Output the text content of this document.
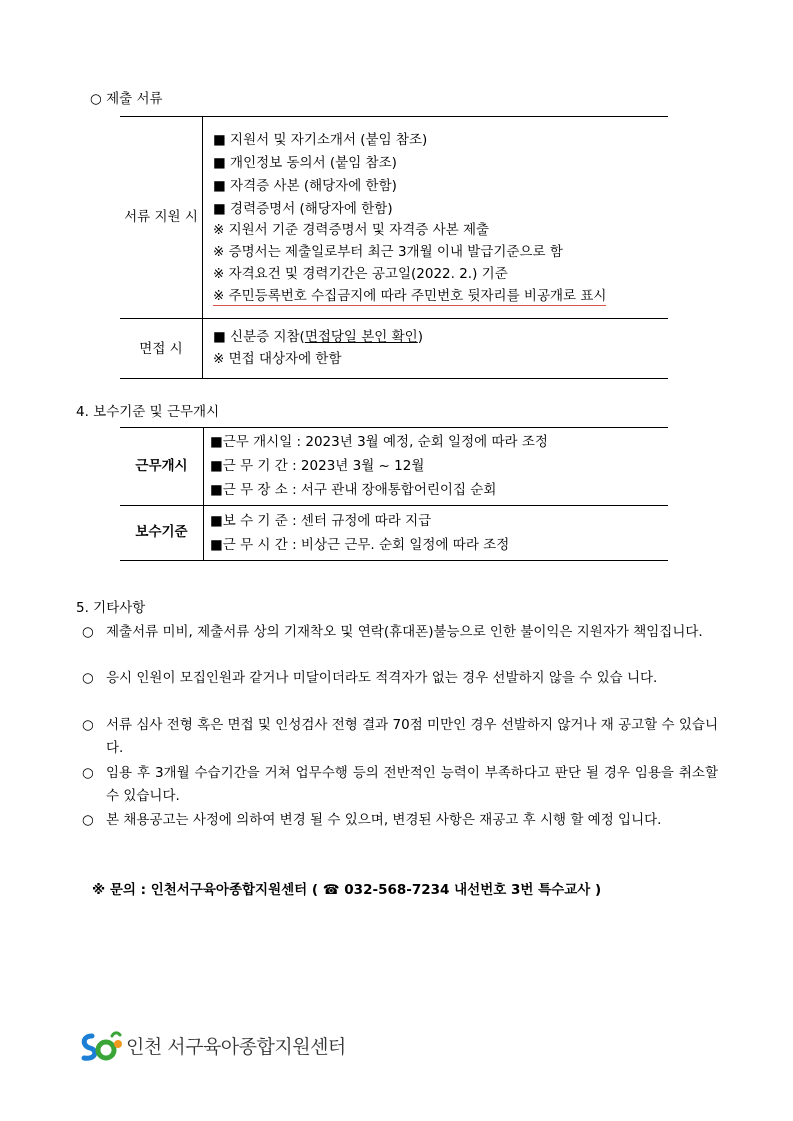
○ 제출 서류
서류 지원 시
■ 지원서 및 자기소개서 (붙임 참조)
■ 개인정보 동의서 (붙임 참조)
■ 자격증 사본 (해당자에 한함)
■ 경력증명서 (해당자에 한함)
※ 지원서 기준 경력증명서 및 자격증 사본 제출
※ 증명서는 제출일로부터 최근 3개월 이내 발급기준으로 함
※ 자격요건 및 경력기간은 공고일(2022. 2.) 기준
※ 주민등록번호 수집금지에 따라 주민번호 뒷자리를 비공개로 표시
면접 시
■ 신분증 지참(면접당일 본인 확인)
※ 면접 대상자에 한함
4. 보수기준 및 근무개시
근무개시
■근무 개시일 : 2023년 3월 예정, 순회 일정에 따라 조정
■근 무 기 간 : 2023년 3월 ~ 12월
■근 무 장 소 : 서구 관내 장애통합어린이집 순회
보수기준
■보 수 기 준 : 센터 규정에 따라 지급
■근 무 시 간 : 비상근 근무. 순회 일정에 따라 조정
5. 기타사항
○ 제출서류 미비, 제출서류 상의 기재착오 및 연락(휴대폰)불능으로 인한 불이익은 지원자가 책임집니다.
○ 응시 인원이 모집인원과 같거나 미달이더라도 적격자가 없는 경우 선발하지 않을 수 있습 니다.
○ 서류 심사 전형 혹은 면접 및 인성검사 전형 결과 70점 미만인 경우 선발하지 않거나 재 공고할 수 있습니다.
○ 임용 후 3개월 수습기간을 거쳐 업무수행 등의 전반적인 능력이 부족하다고 판단 될 경우 임용을 취소할 수 있습니다.
○ 본 채용공고는 사정에 의하여 변경 될 수 있으며, 변경된 사항은 재공고 후 시행 할 예정 입니다.
※ 문의 : 인천서구육아종합지원센터 ( ☎ 032-568-7234 내선번호 3번 특수교사 )
인천 서구육아종합지원센터
